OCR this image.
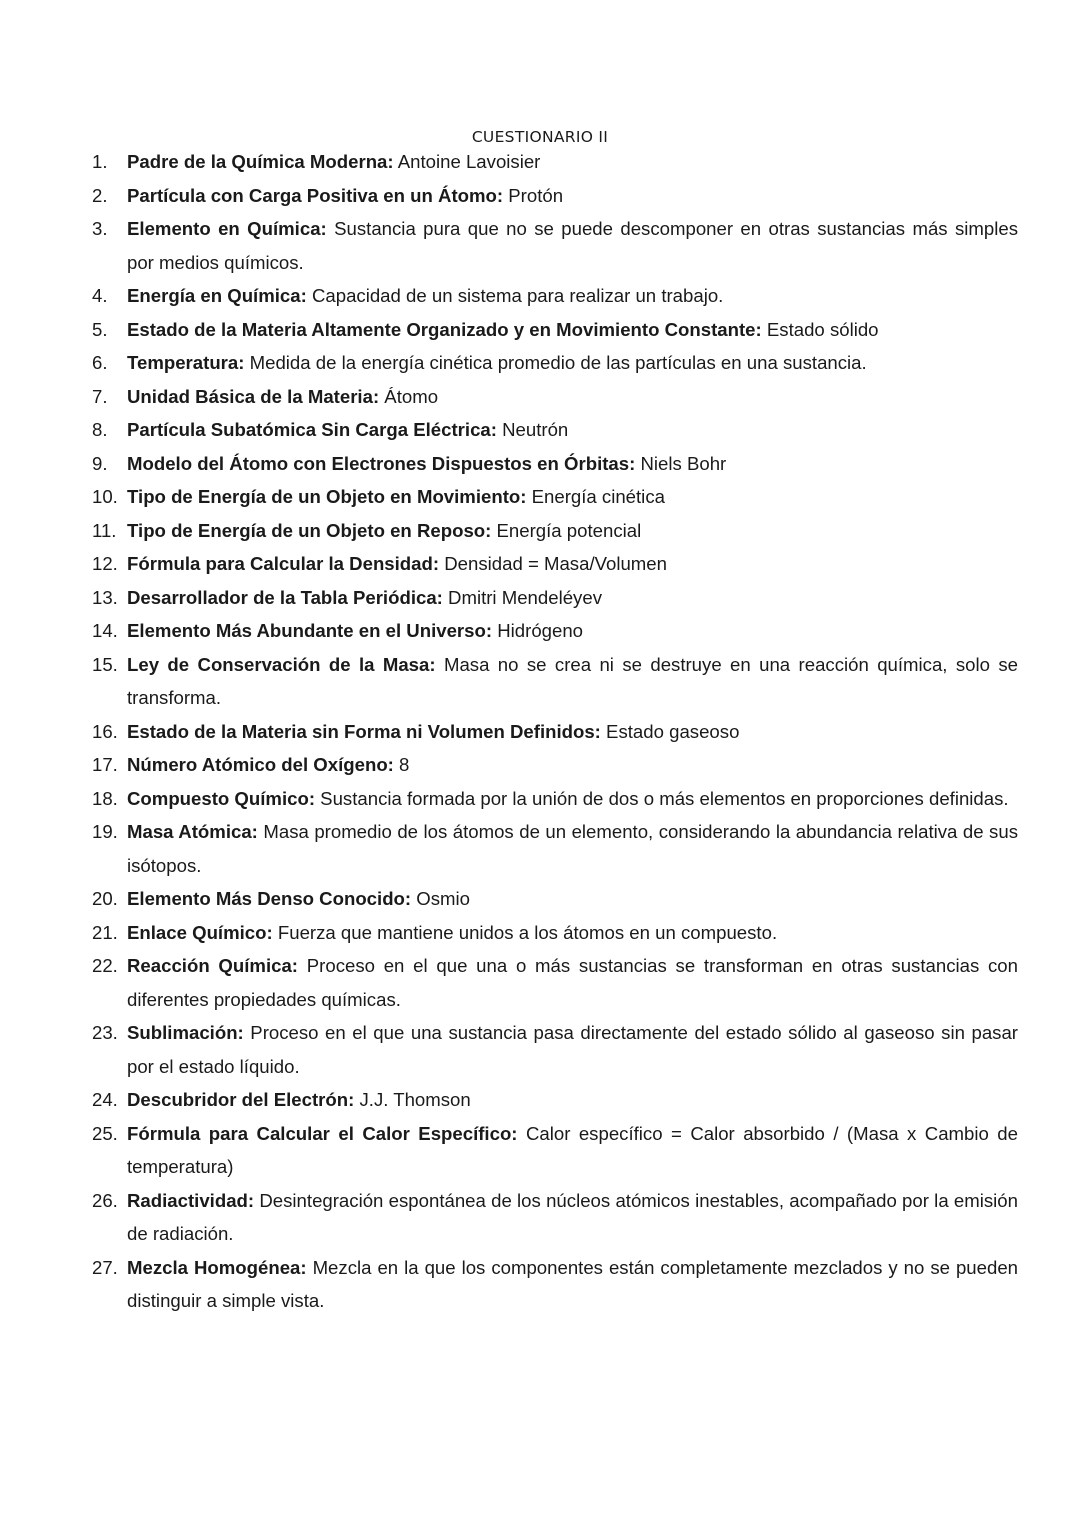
CUESTIONARIO II
1.	Padre de la Química Moderna: Antoine Lavoisier
2.	Partícula con Carga Positiva en un Átomo: Protón
3.	Elemento en Química: Sustancia pura que no se puede descomponer en otras sustancias más simples por medios químicos.
4.	Energía en Química: Capacidad de un sistema para realizar un trabajo.
5.	Estado de la Materia Altamente Organizado y en Movimiento Constante: Estado sólido
6.	Temperatura: Medida de la energía cinética promedio de las partículas en una sustancia.
7.	Unidad Básica de la Materia: Átomo
8.	Partícula Subatómica Sin Carga Eléctrica: Neutrón
9.	Modelo del Átomo con Electrones Dispuestos en Órbitas: Niels Bohr
10. Tipo de Energía de un Objeto en Movimiento: Energía cinética
11. Tipo de Energía de un Objeto en Reposo: Energía potencial
12. Fórmula para Calcular la Densidad: Densidad = Masa/Volumen
13. Desarrollador de la Tabla Periódica: Dmitri Mendeléyev
14. Elemento Más Abundante en el Universo: Hidrógeno
15. Ley de Conservación de la Masa: Masa no se crea ni se destruye en una reacción química, solo se transforma.
16. Estado de la Materia sin Forma ni Volumen Definidos: Estado gaseoso
17. Número Atómico del Oxígeno: 8
18. Compuesto Químico: Sustancia formada por la unión de dos o más elementos en proporciones definidas.
19. Masa Atómica: Masa promedio de los átomos de un elemento, considerando la abundancia relativa de sus isótopos.
20. Elemento Más Denso Conocido: Osmio
21. Enlace Químico: Fuerza que mantiene unidos a los átomos en un compuesto.
22. Reacción Química: Proceso en el que una o más sustancias se transforman en otras sustancias con diferentes propiedades químicas.
23. Sublimación: Proceso en el que una sustancia pasa directamente del estado sólido al gaseoso sin pasar por el estado líquido.
24. Descubridor del Electrón: J.J. Thomson
25. Fórmula para Calcular el Calor Específico: Calor específico = Calor absorbido / (Masa x Cambio de temperatura)
26. Radiactividad: Desintegración espontánea de los núcleos atómicos inestables, acompañado por la emisión de radiación.
27. Mezcla Homogénea: Mezcla en la que los componentes están completamente mezclados y no se pueden distinguir a simple vista.
